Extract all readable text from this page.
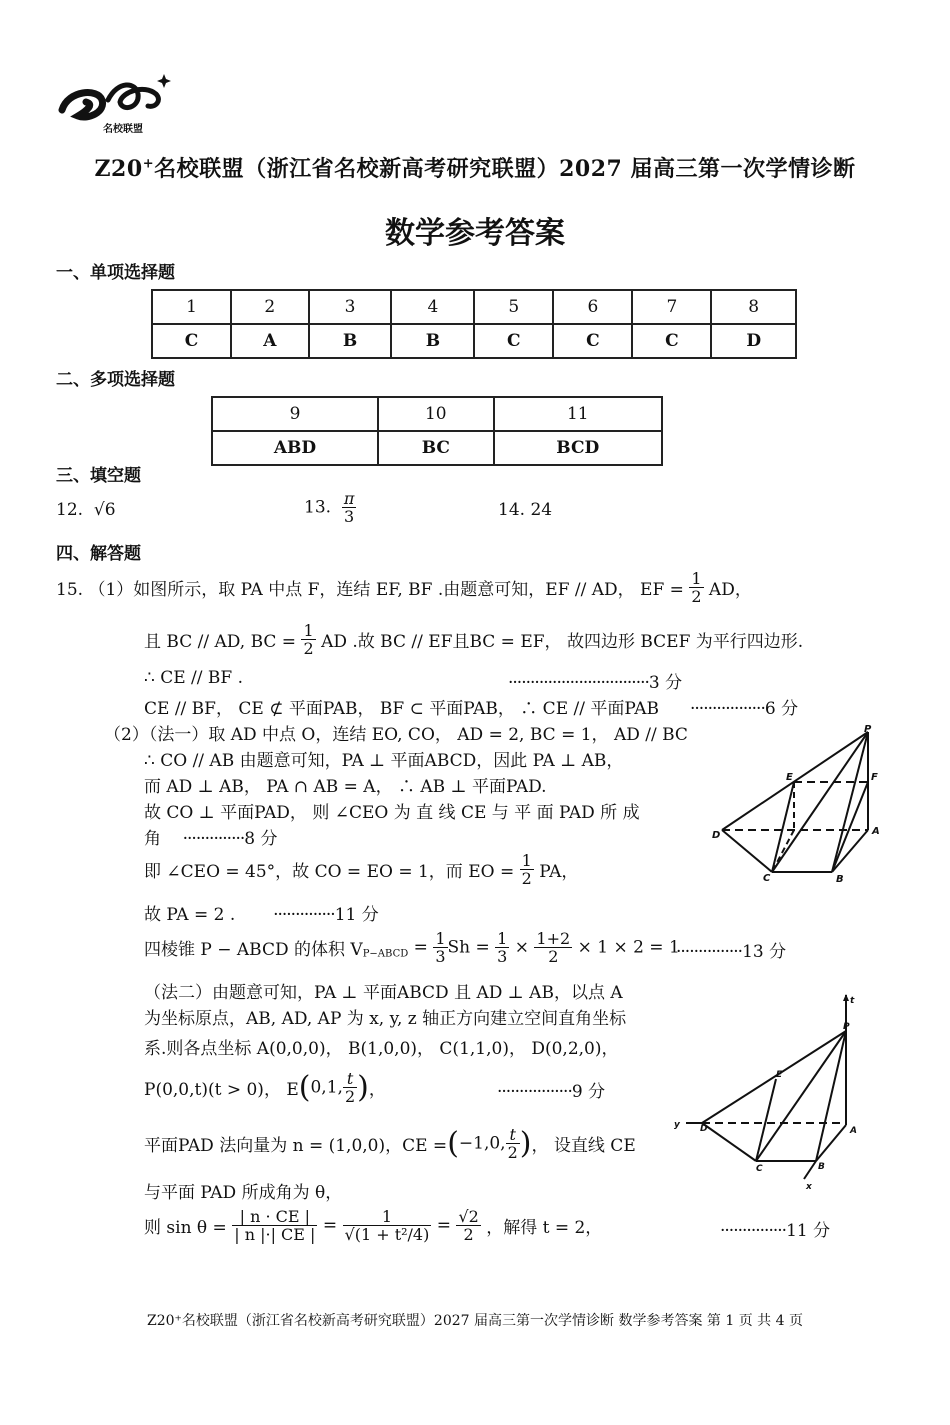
名校联盟
Z20+名校联盟（浙江省名校新高考研究联盟）2027 届高三第一次学情诊断
数学参考答案
一、单项选择题
1	2	3	4	5	6	7	8
C	A	B	B	C	C	C	D
二、多项选择题
9	10	11
ABD	BC	BCD
三、填空题
12. √6	13. $\frac{\pi}{3}$	14. 24
四、解答题
15. （1）如图所示，取 PA 中点 F，连结 EF, BF .由题意可知，EF // AD， EF = $\frac{1}{2}$ AD，
且 BC // AD, BC = $\frac{1}{2}$ AD .故 BC // EF且BC = EF， 故四边形 BCEF 为平行四边形.
∴ CE // BF .	································3 分
CE // BF， CE ⊄ 平面PAB， BF ⊂ 平面PAB， ∴ CE // 平面PAB ·················6 分
（2）（法一）取 AD 中点 O，连结 EO, CO， AD = 2, BC = 1， AD // BC
∴ CO // AB 由题意可知，PA ⊥ 平面ABCD，因此 PA ⊥ AB，
而 AD ⊥ AB， PA ∩ AB = A， ∴ AB ⊥ 平面PAD.
故 CO ⊥ 平面PAD， 则 ∠CEO 为 直 线 CE 与 平 面 PAD 所 成
角 ··············8 分
即 ∠CEO = 45°，故 CO = EO = 1，而 EO = $\frac{1}{2}$ PA，
故 PA = 2 . ··············11 分
四棱锥 P − ABCD 的体积 $V_{P-ABCD} = \frac{1}{3}$ $Sh = \frac{1}{3} \times \frac{1+2}{2} \times 1 \times 2 = 1$
···············13 分
（法二）由题意可知，PA ⊥ 平面ABCD 且 AD ⊥ AB，以点 A
为坐标原点，AB, AD, AP 为 x, y, z 轴正方向建立空间直角坐标
系.则各点坐标 A(0,0,0)， B(1,0,0)， C(1,1,0)， D(0,2,0)，
P(0,0,t)(t > 0)， E(0,1, $\frac{t}{2}$ )，	·················9 分
平面PAD 法向量为 n = (1,0,0)，CE =(−1,0, $\frac{t}{2}$ )， 设直线 CE
与平面 PAD 所成角为 θ，
则 $\sin \theta = \frac{| n \cdot CE |}{| n |\cdot| CE |} = \frac{1}{\text{√(1 + t²/4)}} = \frac{√2}{2}$ ，解得 t = 2，	···············11 分
P
E	F
D	A
C	B
t
P
E
y D	A
C	B
x
Z20⁺名校联盟（浙江省名校新高考研究联盟）2027 届高三第一次学情诊断 数学参考答案 第 1 页 共 4 页
